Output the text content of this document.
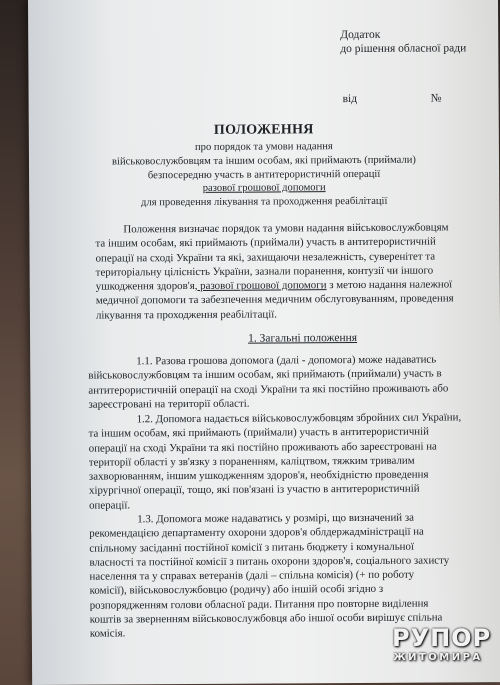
Додаток
до рішення обласної ради
від	№
ПОЛОЖЕННЯ
про порядок та умови надання
військовослужбовцям та іншим особам, які приймають (приймали)
безпосередню участь в антитерористичній операції
разової грошової допомоги
для проведення лікування та проходження реабілітації
Положення визначає порядок та умови надання військовослужбовцям
та іншим особам, які приймають (приймали) участь в антитерористичній
операції на сході України та які, захищаючи незалежність, суверенітет та
територіальну цілісність України, зазнали поранення, контузії чи іншого
ушкодження здоров'я, разової грошової допомоги з метою надання належної
медичної допомоги та забезпечення медичним обслуговуванням, проведення
лікування та проходження реабілітації.
1. Загальні положення
1.1. Разова грошова допомога (далі - допомога) може надаватись
військовослужбовцям та іншим особам, які приймають (приймали) участь в
антитерористичній операції на сході України та які постійно проживають або
зареєстровані на території області.
1.2. Допомога надається військовослужбовцям збройних сил України,
та іншим особам, які приймають (приймали) участь в антитерористичній
операції на сході України та які постійно проживають або зареєстровані на
території області у зв'язку з пораненням, каліцтвом, тяжким тривалим
захворюванням, іншим ушкодженням здоров'я, необхідністю проведення
хірургічної операції, тощо, які пов'язані із участю в антитерористичній
операції.
1.3. Допомога може надаватись у розмірі, що визначений за
рекомендацією департаменту охорони здоров'я облдержадміністрації на
спільному засіданні постійної комісії з питань бюджету і комунальної
власності та постійної комісії з питань охорони здоров'я, соціального захисту
населення та у справах ветеранів (далі – спільна комісія) (+ по роботу
комісії), військовослужбовцю (родичу) або іншій особі згідно з
розпорядженням голови обласної ради. Питання про повторне виділення
коштів за зверненням військовослужбовця або іншої особи вирішує спільна
комісія.	РУПОР
ЖИТОМИРА
